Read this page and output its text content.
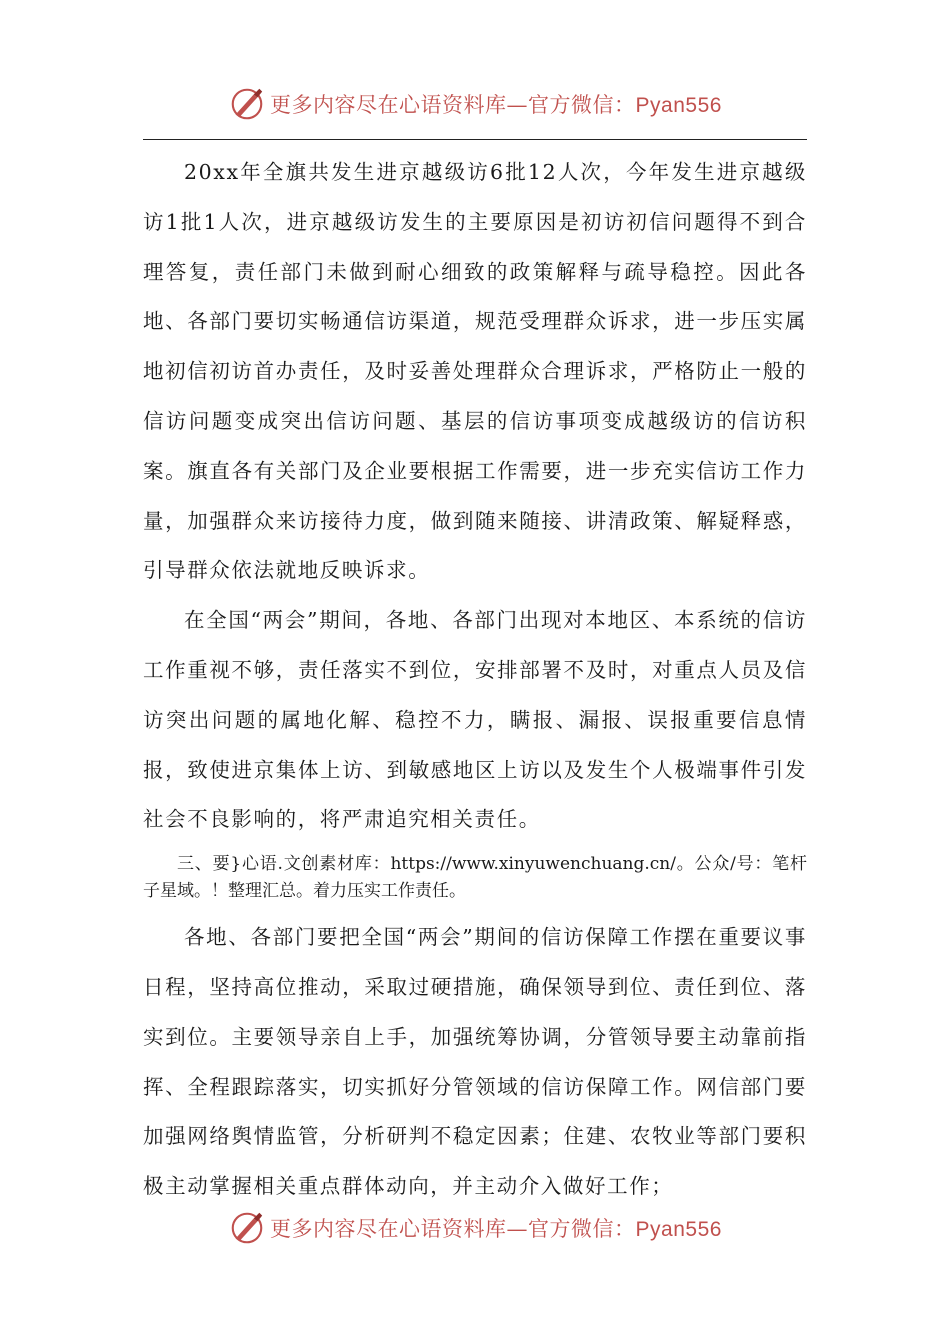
更多内容尽在心语资料库—官方微信：Pyan556

20xx年全旗共发生进京越级访6批12人次，今年发生进京越级访1批1人次，进京越级访发生的主要原因是初访初信问题得不到合理答复，责任部门未做到耐心细致的政策解释与疏导稳控。因此各地、各部门要切实畅通信访渠道，规范受理群众诉求，进一步压实属地初信初访首办责任，及时妥善处理群众合理诉求，严格防止一般的信访问题变成突出信访问题、基层的信访事项变成越级访的信访积案。旗直各有关部门及企业要根据工作需要，进一步充实信访工作力量，加强群众来访接待力度，做到随来随接、讲清政策、解疑释惑，引导群众依法就地反映诉求。

在全国“两会”期间，各地、各部门出现对本地区、本系统的信访工作重视不够，责任落实不到位，安排部署不及时，对重点人员及信访突出问题的属地化解、稳控不力，瞒报、漏报、误报重要信息情报，致使进京集体上访、到敏感地区上访以及发生个人极端事件引发社会不良影响的，将严肃追究相关责任。

三、要}心语.文创素材库：https://www.xinyuwenchuang.cn/。公众/号：笔杆子星域。！整理汇总。着力压实工作责任。

各地、各部门要把全国“两会”期间的信访保障工作摆在重要议事日程，坚持高位推动，采取过硬措施，确保领导到位、责任到位、落实到位。主要领导亲自上手，加强统筹协调，分管领导要主动靠前指挥、全程跟踪落实，切实抓好分管领域的信访保障工作。网信部门要加强网络舆情监管，分析研判不稳定因素；住建、农牧业等部门要积极主动掌握相关重点群体动向，并主动介入做好工作；

更多内容尽在心语资料库—官方微信：Pyan556
